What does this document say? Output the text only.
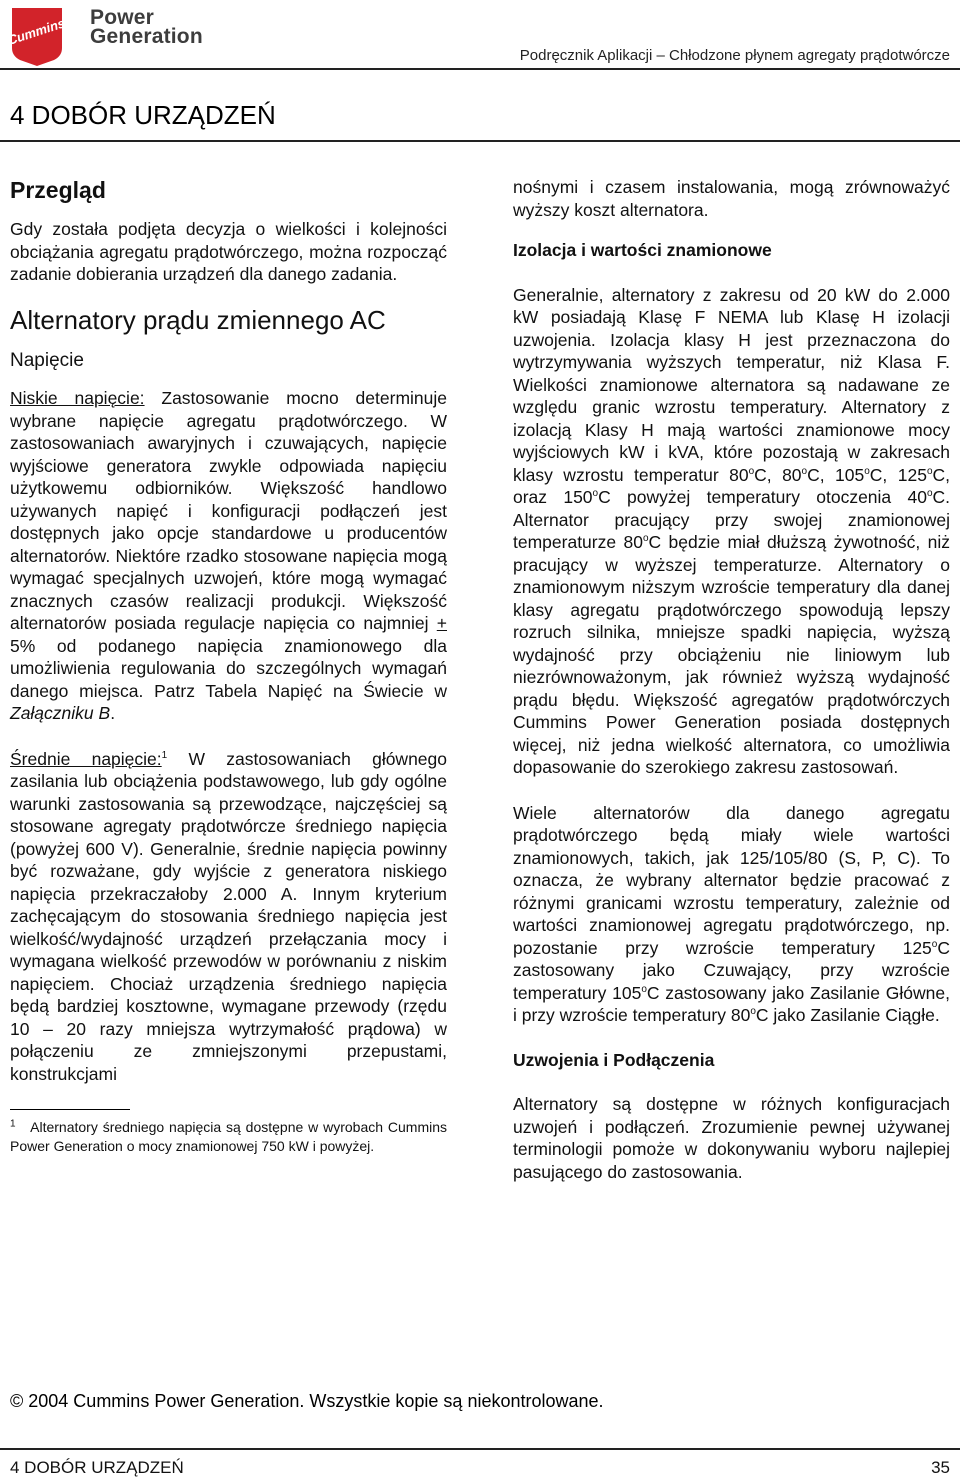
Cummins Power
Generation
Podręcznik Aplikacji – Chłodzone płynem agregaty prądotwórcze
4 DOBÓR URZĄDZEŃ
Przegląd

Gdy została podjęta decyzja o wielkości i kolejności obciążania agregatu prądotwórczego, można rozpocząć zadanie dobierania urządzeń dla danego zadania.

Alternatory prądu zmiennego AC
Napięcie

Niskie napięcie: Zastosowanie mocno determinuje wybrane napięcie agregatu prądotwórczego. W zastosowaniach awaryjnych i czuwających, napięcie wyjściowe generatora zwykle odpowiada napięciu użytkowemu odbiorników. Większość handlowo używanych napięć i konfiguracji podłączeń jest dostępnych jako opcje standardowe u producentów alternatorów. Niektóre rzadko stosowane napięcia mogą wymagać specjalnych uzwojeń, które mogą wymagać znacznych czasów realizacji produkcji. Większość alternatorów posiada regulacje napięcia co najmniej + 5% od podanego napięcia znamionowego dla umożliwienia regulowania do szczególnych wymagań danego miejsca. Patrz Tabela Napięć na Świecie w Załączniku B.

Średnie napięcie:$^1$ W zastosowaniach głównego zasilania lub obciążenia podstawowego, lub gdy ogólne warunki zastosowania są przewodzące, najczęściej są stosowane agregaty prądotwórcze średniego napięcia (powyżej 600 V). Generalnie, średnie napięcia powinny być rozważane, gdy wyjście z generatora niskiego napięcia przekraczałoby 2.000 A. Innym kryterium zachęcającym do stosowania średniego napięcia jest wielkość/wydajność urządzeń przełączania mocy i wymagana wielkość przewodów w porównaniu z niskim napięciem. Chociaż urządzenia średniego napięcia będą bardziej kosztowne, wymagane przewody (rzędu 10 – 20 razy mniejsza wytrzymałość prądowa) w połączeniu ze zmniejszonymi przepustami, konstrukcjami

$^1$ Alternatory średniego napięcia są dostępne w wyrobach Cummins Power Generation o mocy znamionowej 750 kW i powyżej.

nośnymi i czasem instalowania, mogą zrównoważyć wyższy koszt alternatora.

Izolacja i wartości znamionowe

Generalnie, alternatory z zakresu od 20 kW do 2.000 kW posiadają Klasę F NEMA lub Klasę H izolacji uzwojenia. Izolacja klasy H jest przeznaczona do wytrzymywania wyższych temperatur, niż Klasa F. Wielkości znamionowe alternatora są nadawane ze względu granic wzrostu temperatury. Alternatory z izolacją Klasy H mają wartości znamionowe mocy wyjściowych kW i kVA, które pozostają w zakresach klasy wzrostu temperatur 80$^o$C, 80$^o$C, 105$^o$C, 125$^o$C, oraz 150$^o$C powyżej temperatury otoczenia 40$^o$C. Alternator pracujący przy swojej znamionowej temperaturze 80$^o$C będzie miał dłuższą żywotność, niż pracujący w wyższej temperaturze. Alternatory o znamionowym niższym wzroście temperatury dla danej klasy agregatu prądotwórczego spowodują lepszy rozruch silnika, mniejsze spadki napięcia, wyższą wydajność przy obciążeniu nie liniowym lub niezrównoważonym, jak również wyższą wydajność prądu błędu. Większość agregatów prądotwórczych Cummins Power Generation posiada dostępnych więcej, niż jedna wielkość alternatora, co umożliwia dopasowanie do szerokiego zakresu zastosowań.

Wiele alternatorów dla danego agregatu prądotwórczego będą miały wiele wartości znamionowych, takich, jak 125/105/80 (S, P, C). To oznacza, że wybrany alternator będzie pracować z różnymi granicami wzrostu temperatury, zależnie od wartości znamionowej agregatu prądotwórczego, np. pozostanie przy wzroście temperatury 125$^o$C zastosowany jako Czuwający, przy wzroście temperatury 105$^o$C zastosowany jako Zasilanie Główne, i przy wzroście temperatury 80$^o$C jako Zasilanie Ciągłe.

Uzwojenia i Podłączenia

Alternatory są dostępne w różnych konfiguracjach uzwojeń i podłączeń. Zrozumienie pewnej używanej terminologii pomoże w dokonywaniu wyboru najlepiej pasującego do zastosowania.

© 2004 Cummins Power Generation. Wszystkie kopie są niekontrolowane.
4 DOBÓR URZĄDZEŃ	35
